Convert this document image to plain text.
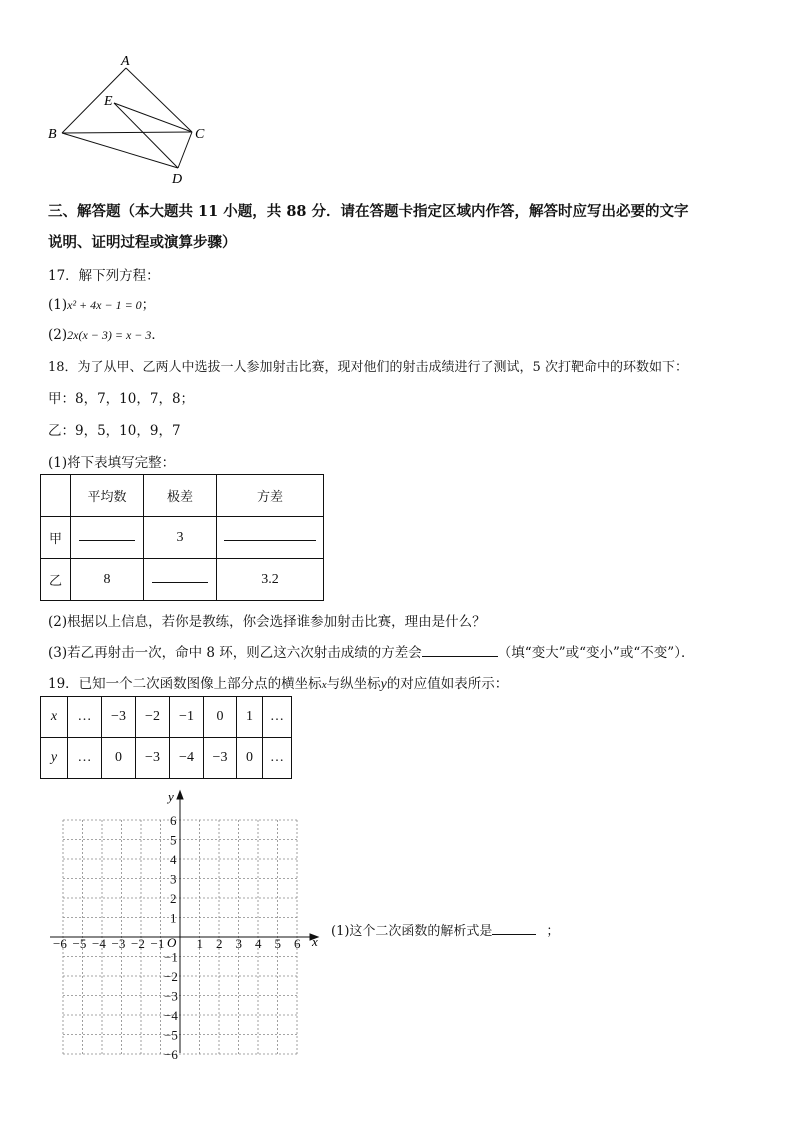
A
B	C
D
E
三、解答题（本大题共 11 小题，共 88 分．请在答题卡指定区域内作答，解答时应写出必要的文字
说明、证明过程或演算步骤）
17．解下列方程：
(1)x² + 4x − 1 = 0；
(2)2x(x − 3) = x − 3．
18．为了从甲、乙两人中选拔一人参加射击比赛，现对他们的射击成绩进行了测试，5 次打靶命中的环数如下：
甲：8，7，10，7，8；
乙：9，5，10，9，7
(1)将下表填写完整：
	平均数	极差	方差
甲		3	
乙	8		3.2
(2)根据以上信息，若你是教练，你会选择谁参加射击比赛，理由是什么？
(3)若乙再射击一次，命中 8 环，则乙这六次射击成绩的方差会	（填“变大”或“变小”或“不变”）．
19．已知一个二次函数图像上部分点的横坐标x与纵坐标y的对应值如表所示：
x	…	−3	−2	−1	0	1	…
y	…	0	−3	−4	−3	0	…
x
y
O
−6 −5 −4 −3 −2 −1 1 2 3 4 5 6
6
5
4
3
2
1
−1
−2
−3
−4
−5
−6
(1)这个二次函数的解析式是	；
